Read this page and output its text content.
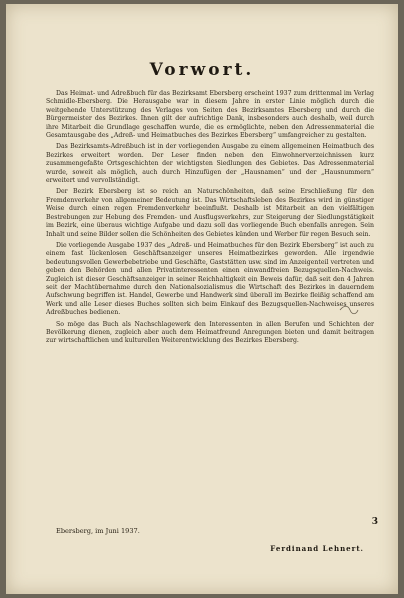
Vorwort.

Das Heimat- und Adreßbuch für das Bezirksamt Ebersberg erscheint 1937 zum drittenmal im Verlag Schmidle-Ebersberg. Die Herausgabe war in diesem Jahre in erster Linie möglich durch die weitgehende Unterstützung des Verlages von Seiten des Bezirksamtes Ebersberg und durch die Bürgermeister des Bezirkes. Ihnen gilt der aufrichtige Dank, insbesonders auch deshalb, weil durch ihre Mitarbeit die Grundlage geschaffen wurde, die es ermöglichte, neben den Adressenmaterial die Gesamtausgabe des „Adreß- und Heimatbuches des Bezirkes Ebersberg“ umfangreicher zu gestalten.

Das Bezirksamts-Adreßbuch ist in der vorliegenden Ausgabe zu einem allgemeinen Heimatbuch des Bezirkes erweitert worden. Der Leser finden neben den Einwohnerverzeichnissen kurz zusammengefaßte Ortsgeschichten der wichtigsten Siedlungen des Gebietes. Das Adressenmaterial wurde, soweit als möglich, auch durch Hinzufügen der „Hausnamen“ und der „Hausnummern“ erweitert und vervollständigt.

Der Bezirk Ebersberg ist so reich an Naturschönheiten, daß seine Erschließung für den Fremdenverkehr von allgemeiner Bedeutung ist. Das Wirtschaftsleben des Bezirkes wird in günstiger Weise durch einen regen Fremdenverkehr beeinflußt. Deshalb ist Mitarbeit an den vielfältigen Bestrebungen zur Hebung des Fremden- und Ausflugsverkehrs, zur Steigerung der Siedlungstätigkeit im Bezirk, eine überaus wichtige Aufgabe und dazu soll das vorliegende Buch ebenfalls anregen. Sein Inhalt und seine Bilder sollen die Schönheiten des Gebietes künden und Werber für regen Besuch sein.

Die vorliegende Ausgabe 1937 des „Adreß- und Heimatbuches für den Bezirk Ebersberg“ ist auch zu einem fast lückenlosen Geschäftsanzeiger unseres Heimatbezirkes geworden. Alle irgendwie bedeutungsvollen Gewerbebetriebe und Geschäfte, Gaststätten usw. sind im Anzeigenteil vertreten und geben den Behörden und allen Privatinteressenten einen einwandfreien Bezugsquellen-Nachweis. Zugleich ist dieser Geschäftsanzeiger in seiner Reichhaltigkeit ein Beweis dafür, daß seit den 4 Jahren seit der Machtübernahme durch den Nationalsozialismus die Wirtschaft des Bezirkes in dauerndem Aufschwung begriffen ist. Handel, Gewerbe und Handwerk sind überall im Bezirke fleißig schaffend am Werk und alle Leser dieses Buches sollten sich beim Einkauf des Bezugsquellen-Nachweises unseres Adreßbuches bedienen.

So möge das Buch als Nachschlagewerk den Interessenten in allen Berufen und Schichten der Bevölkerung dienen, zugleich aber auch dem Heimatfreund Anregungen bieten und damit beitragen zur wirtschaftlichen und kulturellen Weiterentwicklung des Bezirkes Ebersberg.

3
Ebersberg, im Juni 1937.
Ferdinand Lehnert.
